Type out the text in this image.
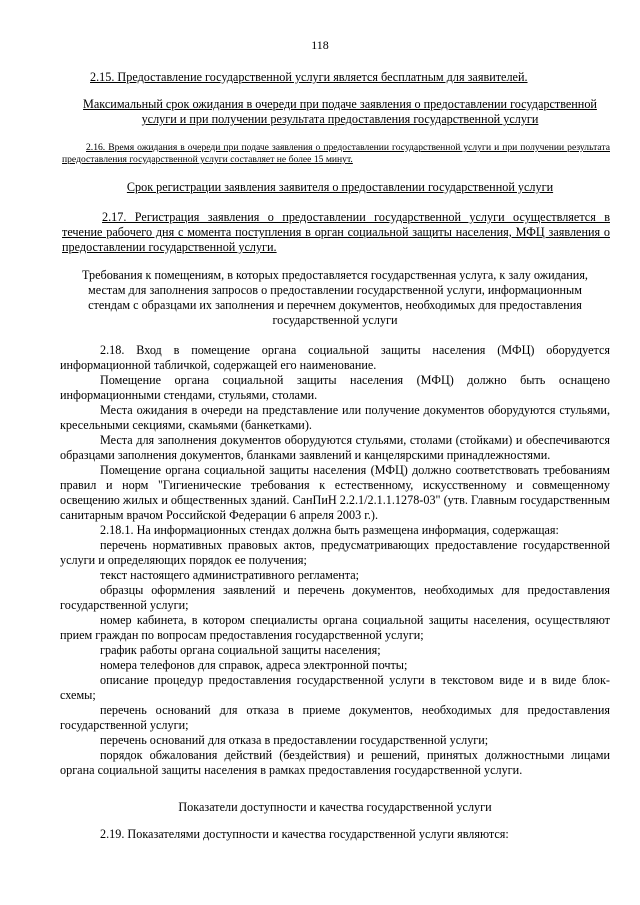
118
2.15. Предоставление государственной услуги является бесплатным для заявителей.
Максимальный срок ожидания в очереди при подаче заявления о предоставлении государственной услуги и при получении результата предоставления государственной услуги
2.16. Время ожидания в очереди при подаче заявления о предоставлении государственной услуги и при получении результата предоставления государственной услуги составляет не более 15 минут.
Срок регистрации заявления заявителя о предоставлении государственной услуги
2.17. Регистрация заявления о предоставлении государственной услуги осуществляется в течение рабочего дня с момента поступления в орган социальной защиты населения, МФЦ заявления о предоставлении государственной услуги.
Требования к помещениям, в которых предоставляется государственная услуга, к залу ожидания, местам для заполнения запросов о предоставлении государственной услуги, информационным стендам с образцами их заполнения и перечнем документов, необходимых для предоставления государственной услуги

2.18. Вход в помещение органа социальной защиты населения (МФЦ) оборудуется информационной табличкой, содержащей его наименование.

Помещение органа социальной защиты населения (МФЦ) должно быть оснащено информационными стендами, стульями, столами.

Места ожидания в очереди на представление или получение документов оборудуются стульями, кресельными секциями, скамьями (банкетками).

Места для заполнения документов оборудуются стульями, столами (стойками) и обеспечиваются образцами заполнения документов, бланками заявлений и канцелярскими принадлежностями.

Помещение органа социальной защиты населения (МФЦ) должно соответствовать требованиям правил и норм "Гигиенические требования к естественному, искусственному и совмещенному освещению жилых и общественных зданий. СанПиН 2.2.1/2.1.1.1278-03" (утв. Главным государственным санитарным врачом Российской Федерации 6 апреля 2003 г.).

2.18.1. На информационных стендах должна быть размещена информация, содержащая:

перечень нормативных правовых актов, предусматривающих предоставление государственной услуги и определяющих порядок ее получения;

текст настоящего административного регламента;

образцы оформления заявлений и перечень документов, необходимых для предоставления государственной услуги;

номер кабинета, в котором специалисты органа социальной защиты населения, осуществляют прием граждан по вопросам предоставления государственной услуги;

график работы органа социальной защиты населения;

номера телефонов для справок, адреса электронной почты;

описание процедур предоставления государственной услуги в текстовом виде и в виде блок-схемы;

перечень оснований для отказа в приеме документов, необходимых для предоставления государственной услуги;

перечень оснований для отказа в предоставлении государственной услуги;

порядок обжалования действий (бездействия) и решений, принятых должностными лицами органа социальной защиты населения в рамках предоставления государственной услуги.

Показатели доступности и качества государственной услуги
2.19. Показателями доступности и качества государственной услуги являются:
